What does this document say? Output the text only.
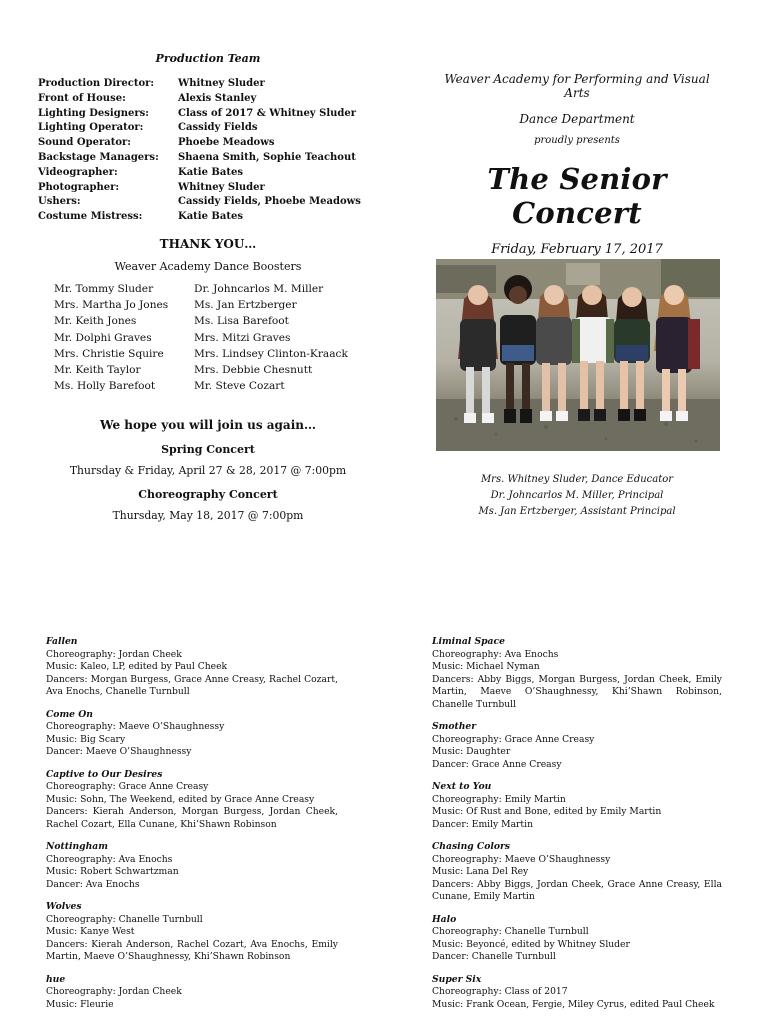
Production Team
Production Director:	Whitney Sluder
Front of House:	Alexis Stanley
Lighting Designers:	Class of 2017 & Whitney Sluder
Lighting Operator:	Cassidy Fields
Sound Operator:	Phoebe Meadows
Backstage Managers:	Shaena Smith, Sophie Teachout
Videographer:	Katie Bates
Photographer:	Whitney Sluder
Ushers:	Cassidy Fields, Phoebe Meadows
Costume Mistress:	Katie Bates
THANK YOU…
Weaver Academy Dance Boosters
Mr. Tommy Sluder	Dr. Johncarlos M. Miller
Mrs. Martha Jo Jones	Ms. Jan Ertzberger
Mr. Keith Jones	Ms. Lisa Barefoot
Mr. Dolphi Graves	Mrs. Mitzi Graves
Mrs. Christie Squire	Mrs. Lindsey Clinton-Kraack
Mr. Keith Taylor	Mrs. Debbie Chesnutt
Ms. Holly Barefoot	Mr. Steve Cozart
We hope you will join us again…
Spring Concert
Thursday & Friday, April 27 & 28, 2017 @ 7:00pm
Choreography Concert
Thursday, May 18, 2017 @ 7:00pm
Weaver Academy for Performing and Visual Arts
Dance Department
proudly presents
The Senior Concert
Friday, February 17, 2017
Mrs. Whitney Sluder, Dance Educator
Dr. Johncarlos M. Miller, Principal
Ms. Jan Ertzberger, Assistant Principal
Fallen
Choreography: Jordan Cheek
Music: Kaleo, LP, edited by Paul Cheek
Dancers: Morgan Burgess, Grace Anne Creasy, Rachel Cozart, Ava Enochs, Chanelle Turnbull
Come On
Choreography: Maeve O’Shaughnessy
Music: Big Scary
Dancer: Maeve O’Shaughnessy
Captive to Our Desires
Choreography: Grace Anne Creasy
Music: Sohn, The Weekend, edited by Grace Anne Creasy
Dancers: Kierah Anderson, Morgan Burgess, Jordan Cheek, Rachel Cozart, Ella Cunane, Khi’Shawn Robinson
Nottingham
Choreography: Ava Enochs
Music: Robert Schwartzman
Dancer: Ava Enochs
Wolves
Choreography: Chanelle Turnbull
Music: Kanye West
Dancers: Kierah Anderson, Rachel Cozart, Ava Enochs, Emily Martin, Maeve O’Shaughnessy, Khi’Shawn Robinson
hue
Choreography: Jordan Cheek
Music: Fleurie
Liminal Space
Choreography: Ava Enochs
Music: Michael Nyman
Dancers: Abby Biggs, Morgan Burgess, Jordan Cheek, Emily Martin, Maeve O’Shaughnessy, Khi’Shawn Robinson, Chanelle Turnbull
Smother
Choreography: Grace Anne Creasy
Music: Daughter
Dancer: Grace Anne Creasy
Next to You
Choreography: Emily Martin
Music: Of Rust and Bone, edited by Emily Martin
Dancer: Emily Martin
Chasing Colors
Choreography: Maeve O’Shaughnessy
Music: Lana Del Rey
Dancers: Abby Biggs, Jordan Cheek, Grace Anne Creasy, Ella Cunane, Emily Martin
Halo
Choreography: Chanelle Turnbull
Music: Beyoncé, edited by Whitney Sluder
Dancer: Chanelle Turnbull
Super Six
Choreography: Class of 2017
Music: Frank Ocean, Fergie, Miley Cyrus, edited Paul Cheek
